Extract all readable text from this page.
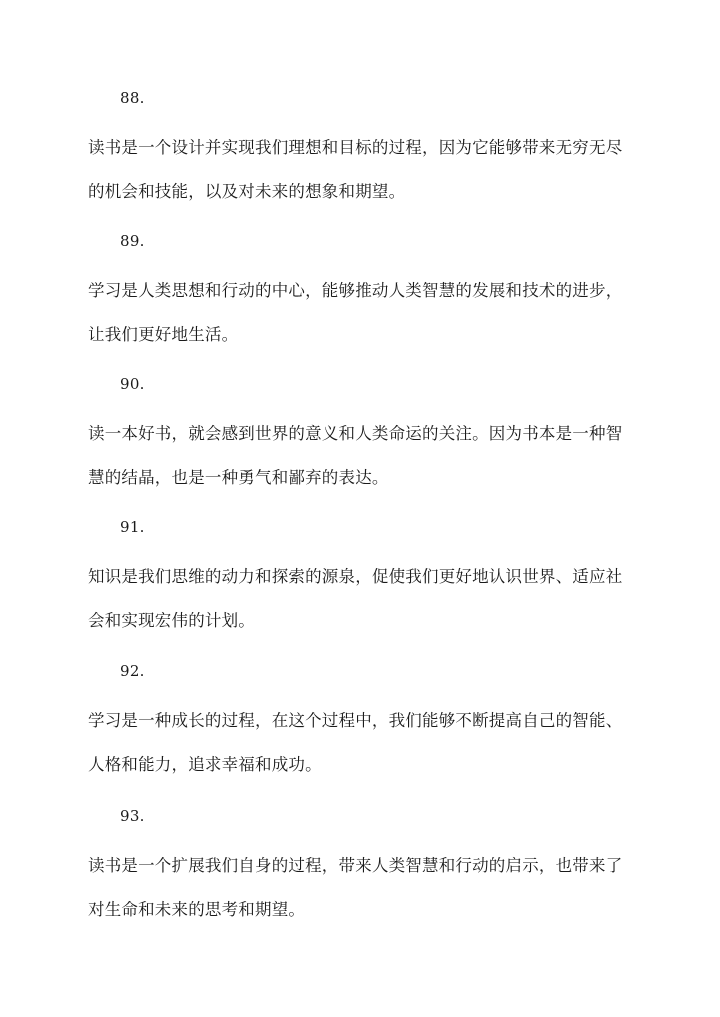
88.
读书是一个设计并实现我们理想和目标的过程，因为它能够带来无穷无尽
的机会和技能，以及对未来的想象和期望。
89.
学习是人类思想和行动的中心，能够推动人类智慧的发展和技术的进步，
让我们更好地生活。
90.
读一本好书，就会感到世界的意义和人类命运的关注。因为书本是一种智
慧的结晶，也是一种勇气和鄙弃的表达。
91.
知识是我们思维的动力和探索的源泉，促使我们更好地认识世界、适应社
会和实现宏伟的计划。
92.
学习是一种成长的过程，在这个过程中，我们能够不断提高自己的智能、
人格和能力，追求幸福和成功。
93.
读书是一个扩展我们自身的过程，带来人类智慧和行动的启示，也带来了
对生命和未来的思考和期望。
